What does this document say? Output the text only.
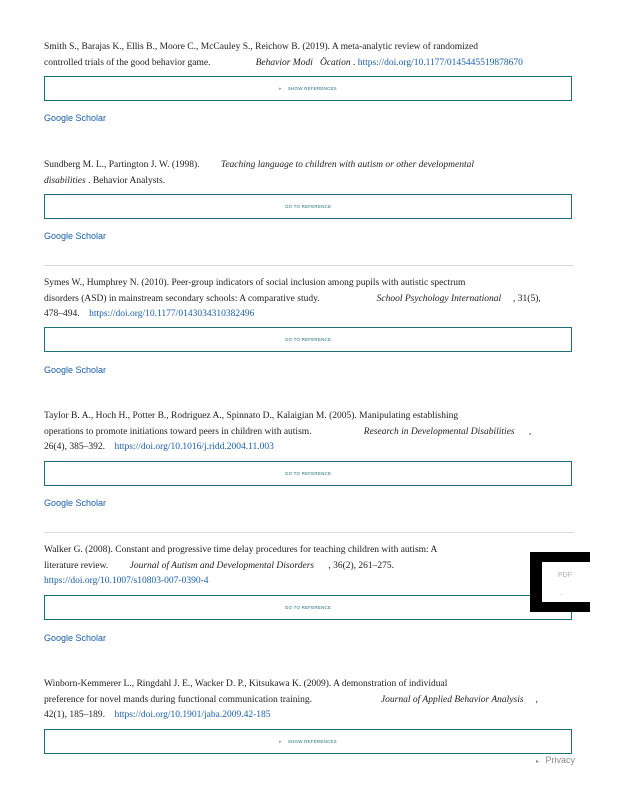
Smith S., Barajas K., Ellis B., Moore C., McCauley S., Reichow B. (2019). A meta-analytic review of randomized
controlled trials of the good behavior game.	Behavior Modi   Öcation . https://doi.org/10.1177/0145445519878670

▸ SHOW REFERENCES
Google Scholar

Sundberg M. L., Partington J. W. (1998). Teaching language to children with autism or other developmental
disabilities . Behavior Analysts.

GO TO REFERENCE
Google Scholar

Symes W., Humphrey N. (2010). Peer-group indicators of social inclusion among pupils with autistic spectrum
disorders (ASD) in mainstream secondary schools: A comparative study.	School Psychology International , 31(5),
478–494. https://doi.org/10.1177/0143034310382496

GO TO REFERENCE
Google Scholar

Taylor B. A., Hoch H., Potter B., Rodriguez A., Spinnato D., Kalaigian M. (2005). Manipulating establishing
operations to promote initiations toward peers in children with autism.	Research in Developmental Disabilities ,
26(4), 385–392. https://doi.org/10.1016/j.ridd.2004.11.003

GO TO REFERENCE
Google Scholar

Walker G. (2008). Constant and progressive time delay procedures for teaching children with autism: A
literature review. Journal of Autism and Developmental Disorders , 36(2), 261–275.
https://doi.org/10.1007/s10803-007-0390-4

GO TO REFERENCE
Google Scholar

Winborn-Kemmerer L., Ringdahl J. E., Wacker D. P., Kitsukawa K. (2009). A demonstration of individual
preference for novel mands during functional communication training.	Journal of Applied Behavior Analysis ,
42(1), 185–189. https://doi.org/10.1901/jaba.2009.42-185

▸ SHOW REFERENCES
PDF
◦
▸ Privacy
